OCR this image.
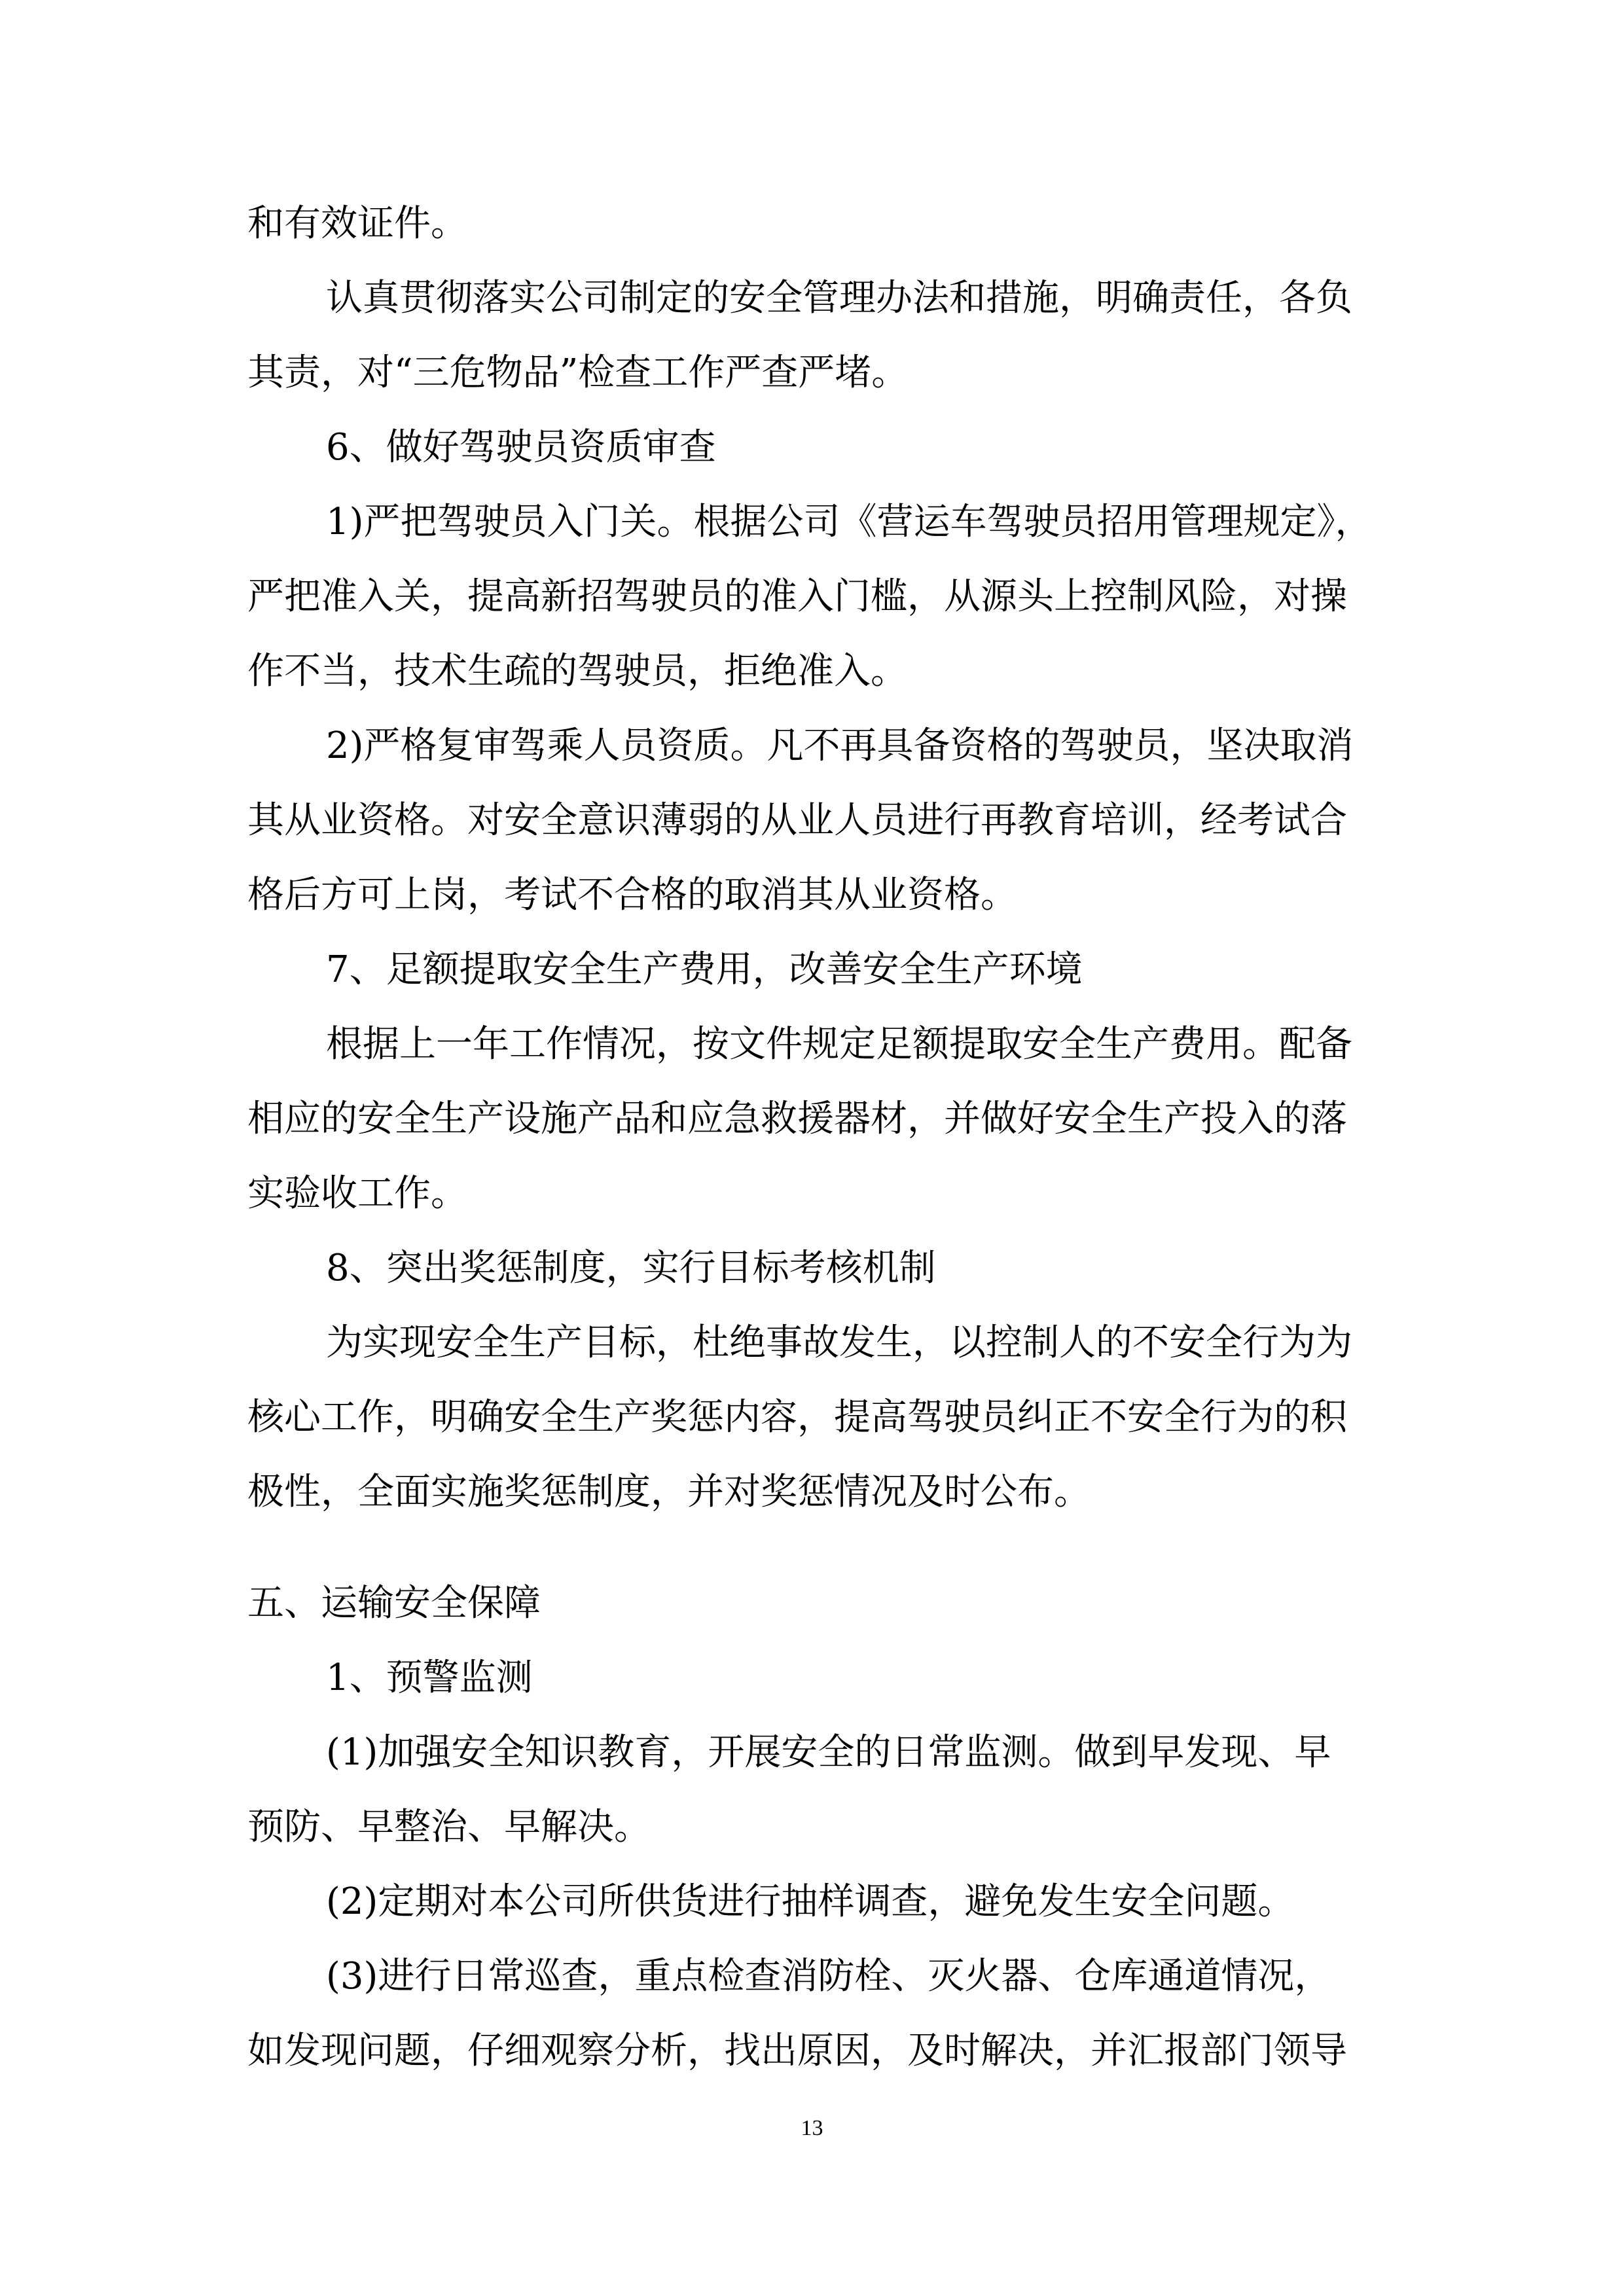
和有效证件。

认真贯彻落实公司制定的安全管理办法和措施，明确责任，各负

其责，对“三危物品”检查工作严查严堵。

6、做好驾驶员资质审查

1)严把驾驶员入门关。根据公司《营运车驾驶员招用管理规定》，

严把准入关，提高新招驾驶员的准入门槛，从源头上控制风险，对操

作不当，技术生疏的驾驶员，拒绝准入。

2)严格复审驾乘人员资质。凡不再具备资格的驾驶员，坚决取消

其从业资格。对安全意识薄弱的从业人员进行再教育培训，经考试合

格后方可上岗，考试不合格的取消其从业资格。

7、足额提取安全生产费用，改善安全生产环境

根据上一年工作情况，按文件规定足额提取安全生产费用。配备

相应的安全生产设施产品和应急救援器材，并做好安全生产投入的落

实验收工作。

8、突出奖惩制度，实行目标考核机制

为实现安全生产目标，杜绝事故发生，以控制人的不安全行为为

核心工作，明确安全生产奖惩内容，提高驾驶员纠正不安全行为的积

极性，全面实施奖惩制度，并对奖惩情况及时公布。

五、运输安全保障

1、预警监测

(1)加强安全知识教育，开展安全的日常监测。做到早发现、早

预防、早整治、早解决。

(2)定期对本公司所供货进行抽样调查，避免发生安全问题。

(3)进行日常巡查，重点检查消防栓、灭火器、仓库通道情况，

如发现问题，仔细观察分析，找出原因，及时解决，并汇报部门领导

13
